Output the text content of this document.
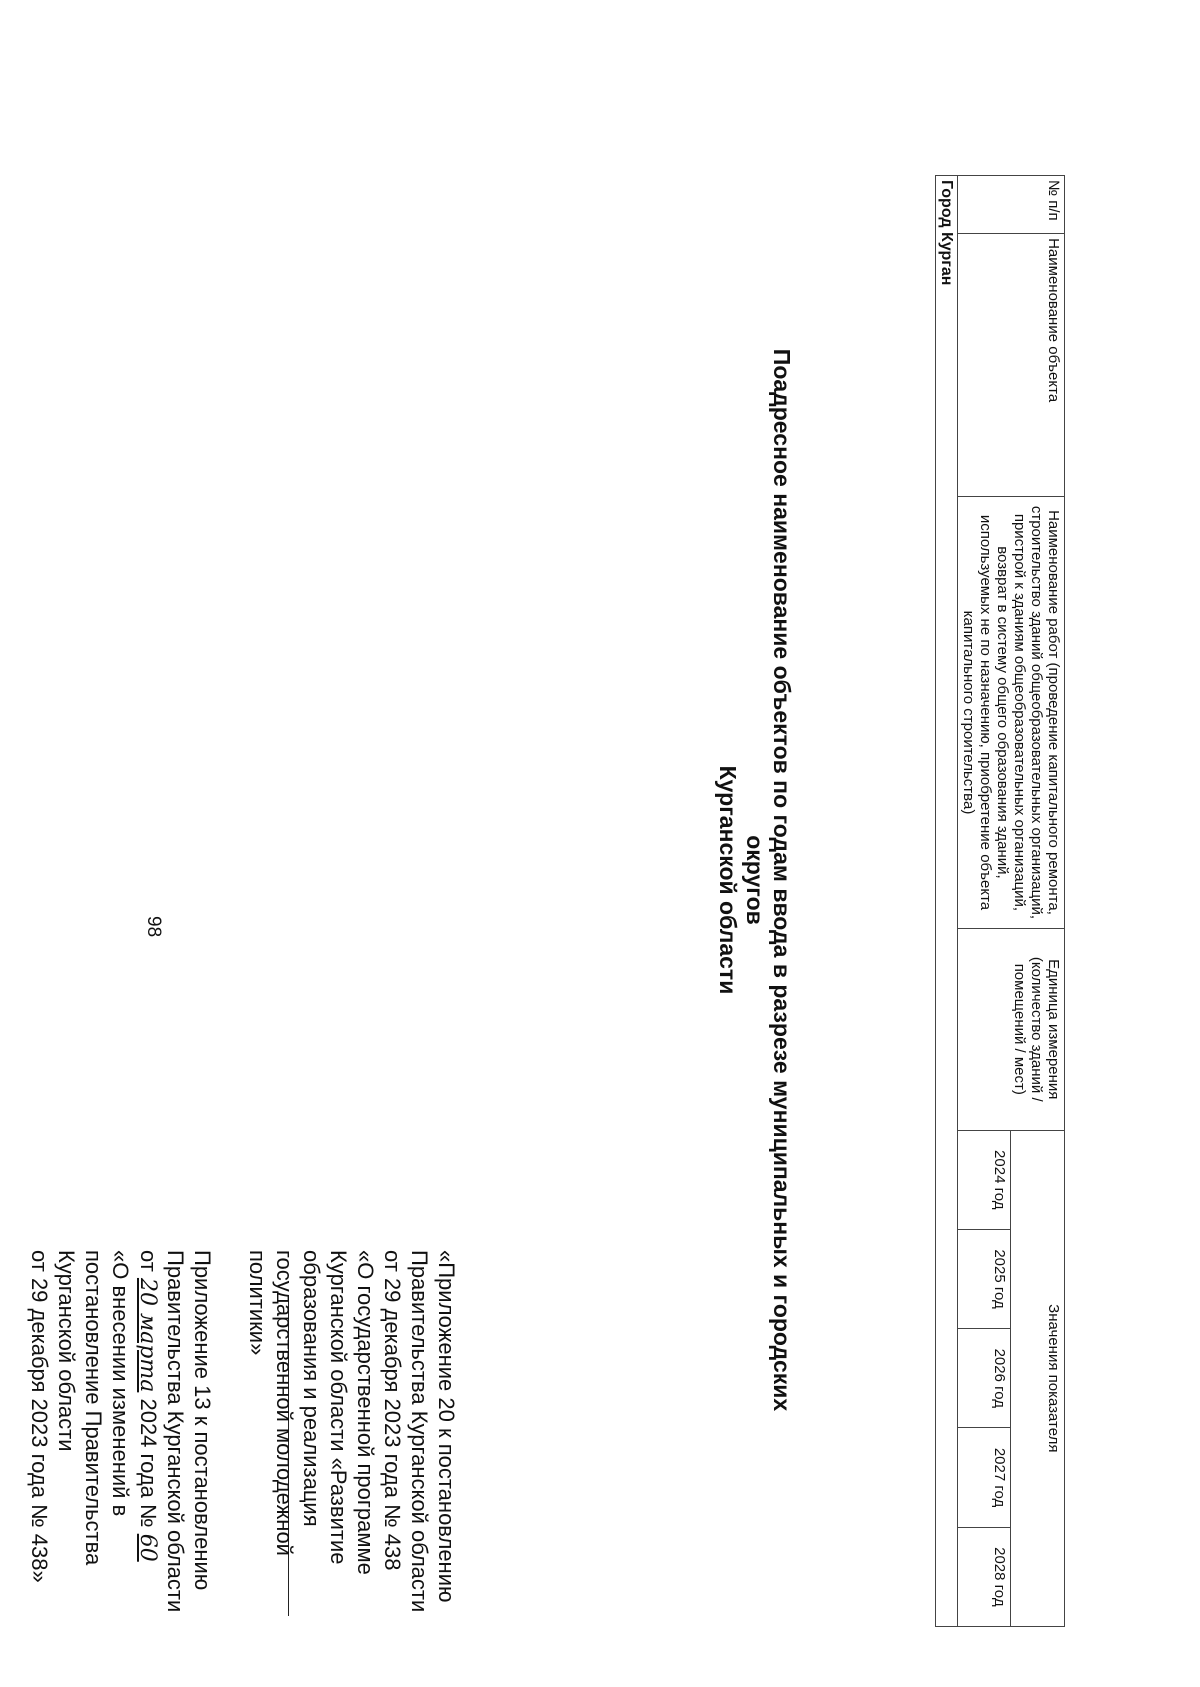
98
Приложение 13 к постановлению
Правительства Курганской области
от 20 марта 2024 года № 60
«О внесении изменений в
постановление Правительства
Курганской области
от 29 декабря 2023 года № 438»	«Приложение 20 к постановлению
Правительства Курганской области
от 29 декабря 2023 года № 438
«О государственной программе
Курганской области «Развитие
образования и реализация
государственной молодежной
политики»
Поадресное наименование объектов по годам ввода в разрезе муниципальных и городских округов
Курганской области
№ п/п	Наименование объекта	Наименование работ (проведение капитального ремонта, строительство зданий общеобразовательных организаций, пристрой к зданиям общеобразовательных организаций, возврат в систему общего образования зданий, используемых не по назначению, приобретение объекта капитального строительства)	Единица измерения (количество зданий / помещений / мест)	Значения показателя				
				2024 год	2025 год	2026 год	2027 год	2028 год
Город Курган								
